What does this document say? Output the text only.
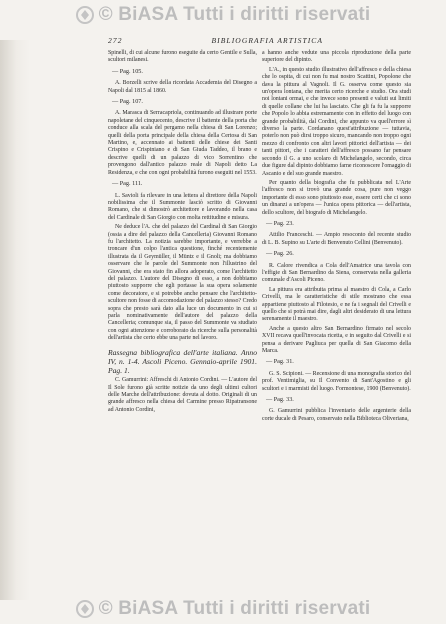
© BiASA Tutti i diritti riservati
272	BIBLIOGRAFIA ARTISTICA

Spinelli, di cui alcune furono eseguite da certo Gentile e Sulla, scultori milanesi.

— Pag. 105.

A. Borzelli scrive della ricordata Accademia del Disegno a Napoli dal 1815 al 1860.

— Pag. 107.

A. Marasca di Serracapriola, continuando ad illustrare porte napoletane del cinquecento, descrive il battente della porta che conduce alla scala del pergamo nella chiesa di San Lorenzo; quelli della porta principale della chiesa della Certosa di San Martino, e, accennato ai battenti delle chiese dei Santi Crispino e Crispiniano e di San Giuda Taddeo, il brano e descrive quelli di un palazzo di vico Sorrentino che provengono dall'antico palazzo reale di Napoli detto La Residenza, e che con ogni probabilità furono eseguiti nel 1553.

— Pag. 111.

L. Savioli fa rilevare in una lettera al direttore della Napoli nobilissima che il Summonte lasciò scritto di Giovanni Romano, che si dimostrò architettore e lavorando nella casa del Cardinale di San Giorgio con molta rettitudine e misura.

Ne deduce l'A. che del palazzo del Cardinal di San Giorgio (ossia a dire del palazzo della Cancelleria) Giovanni Romano fu l'architetto. La notizia sarebbe importante, e verrebbe a troncare d'un colpo l'antica questione, finché recentemente illustrata da il Geymüller, il Müntz e il Gnoli; ma dobbiamo osservare che le parole del Summonte non l'illustrino del Giovanni, che era stato fin allora adoperato, come l'architetto del palazzo. L'autore del Disegno di esso, a non dobbiamo piuttosto supporre che egli portasse la sua opera solamente come decoratore, e si potrebbe anche pensare che l'architetto-scultore non fosse di accomodazione del palazzo stesso? Credo sopra che presto sarà dato alla luce un documento in cui si parla nominativamente dell'autore del palazzo della Cancelleria; comunque sia, il passo del Summonte va studiato con ogni attenzione e corroborato da ricerche sulla personalità dell'artista che certo ebbe una parte nel lavoro.

Rassegna bibliografica dell'arte italiana. Anno IV, n. 1-4. Ascoli Piceno. Gennaio-aprile 1901. Pag. 1.

C. Gamurrini: Affreschi di Antonio Cordini. — L'autore del Il Sole furono già scritte notizie da uno degli ultimi cultori delle Marche dell'attribuzione: dovuta al dotto. Originali di un grande affresco nella chiesa del Carmine presso Ripatransone ad Antonio Cordini,

a hanno anche vedute una piccola riproduzione della parte superiore del dipinto.

L'A., in questo studio illustrativo dell'affresco e della chiesa che lo ospita, di cui non fu mai nostro Scattini, Popolone che dava la pittura al Vagnoli. Il G. osserva come questo sia un'opera lontana, che merita certo ricerche e studio. Ora studi noi lontani ormai, e che invece sono presenti e valuti sui limiti di quelle collane che lui ha lasciato. Che gli fa fu la supporre che Popolo lo abbia estremamente con in effetto del luogo con grande probabilità, dal Cordini, che appunto va quell'errore sì diverso la parte. Cordanano quest'attribuzione — tuttavia, poterlo non può dirsi troppo sicuro, mancando non troppo ogni mezzo di confronto con altri lavori pittorici dell'artista — dei tanti pittori, che i caratteri dell'affresco possano far pensare secondo il G. a uno scolaro di Michelangelo, secondo, circa due figure dal dipinto dobbiamo farne riconoscere l'omaggio di Ascanio e del suo grande maestro.

Per quanto della biografia che fu pubblicata nel L'Arte l'affresco non si trovò una grande cosa, pure non veggo importante di esso sono piuttosto esse, essere certi che ci sono un dinanzi a un'opera — l'unica opera pittorica — dell'artista, dello scultore, del biografo di Michelangelo.

— Pag. 23.

Attilio Franceschi. — Ampio resoconto del recente studio di L. B. Supino su L'arte di Benvenuto Cellini (Benvenuto).

— Pag. 26.

R. Calore rivendica a Cola dell'Amatrice una tavola con l'effigie di San Bernardino da Siena, conservata nella galleria comunale d'Ascoli Piceno.

La pittura era attribuita prima al maestro di Cola, a Carlo Crivelli, ma le caratteristiche di stile mostrano che essa appartiene piuttosto al Filotesio, e ne fa i segnali del Crivelli e quello che si potrà mai dire, dagli altri desiderato di una lettura serenamente il maestro.

Anche a questo altro San Bernardino firmato nel secolo XVII recava quell'invocata ricetta, e in seguito dal Crivelli e si pensa a derivare Pagliuca per quella di San Giacomo della Marca.

— Pag. 31.

G. S. Scipioni. — Recensione di una monografia storico del prof. Ventimiglia, su Il Convento di Sant'Agostino e gli scultori e i marmisti del luogo. Formontese, 1900 (Benvenuto).

— Pag. 33.

G. Gamurrini pubblica l'inventario delle argenterie della corte ducale di Pesaro, conservato nella Biblioteca Oliveriana,

© BiASA Tutti i diritti riservati
